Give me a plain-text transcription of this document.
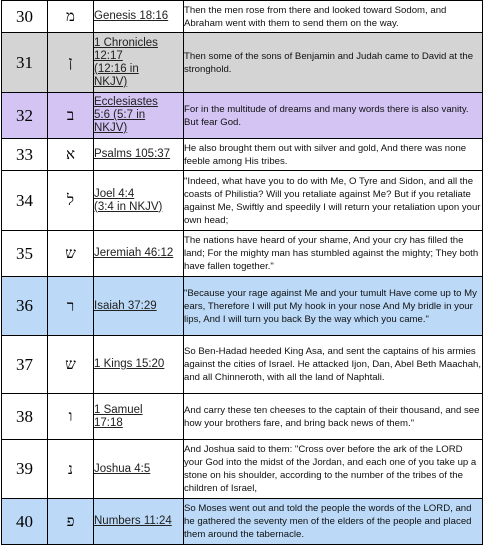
30	מ	Genesis 18:16	Then the men rose from there and looked toward Sodom, and Abraham went with them to send them on the way.
31	ן	1 Chronicles
12:17
(12:16 in
NKJV)	Then some of the sons of Benjamin and Judah came to David at the stronghold.
32	ב	Ecclesiastes
5:6 (5:7 in
NKJV)	For in the multitude of dreams and many words there is also vanity. But fear God.
33	א	Psalms 105:37	He also brought them out with silver and gold, And there was none feeble among His tribes.
34	ל	Joel 4:4
(3:4 in NKJV)	"Indeed, what have you to do with Me, O Tyre and Sidon, and all the coasts of Philistia? Will you retaliate against Me? But if you retaliate against Me, Swiftly and speedily I will return your retaliation upon your own head;
35	ש	Jeremiah 46:12	The nations have heard of your shame, And your cry has filled the land; For the mighty man has stumbled against the mighty; They both have fallen together."
36	ר	Isaiah 37:29	"Because your rage against Me and your tumult Have come up to My ears, Therefore I will put My hook in your nose And My bridle in your lips, And I will turn you back By the way which you came."
37	ש	1 Kings 15:20	So Ben-Hadad heeded King Asa, and sent the captains of his armies against the cities of Israel. He attacked Ijon, Dan, Abel Beth Maachah, and all Chinneroth, with all the land of Naphtali.
38	ו	1 Samuel
17:18	And carry these ten cheeses to the captain of their thousand, and see how your brothers fare, and bring back news of them."
39	נ	Joshua 4:5	And Joshua said to them: "Cross over before the ark of the LORD your God into the midst of the Jordan, and each one of you take up a stone on his shoulder, according to the number of the tribes of the children of Israel,
40	פ	Numbers 11:24	So Moses went out and told the people the words of the LORD, and he gathered the seventy men of the elders of the people and placed them around the tabernacle.
